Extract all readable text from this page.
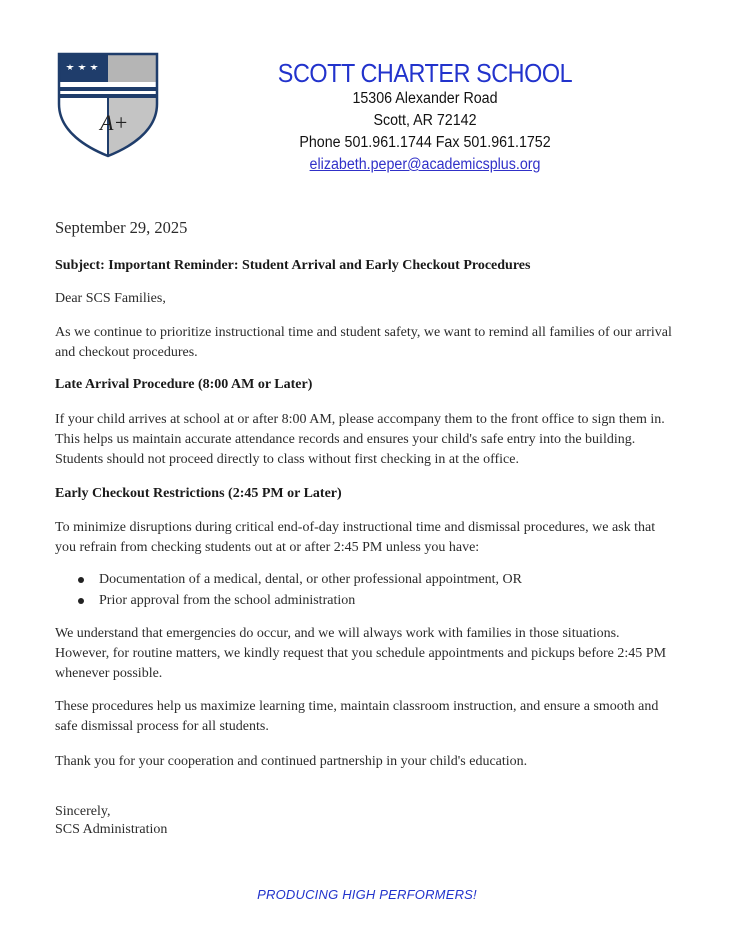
A+
SCOTT CHARTER SCHOOL
15306 Alexander Road
Scott, AR 72142
Phone 501.961.1744 Fax 501.961.1752
elizabeth.peper@academicsplus.org
September 29, 2025
Subject: Important Reminder: Student Arrival and Early Checkout Procedures
Dear SCS Families,
As we continue to prioritize instructional time and student safety, we want to remind all families of our arrival and checkout procedures.
Late Arrival Procedure (8:00 AM or Later)
If your child arrives at school at or after 8:00 AM, please accompany them to the front office to sign them in. This helps us maintain accurate attendance records and ensures your child's safe entry into the building. Students should not proceed directly to class without first checking in at the office.
Early Checkout Restrictions (2:45 PM or Later)
To minimize disruptions during critical end-of-day instructional time and dismissal procedures, we ask that you refrain from checking students out at or after 2:45 PM unless you have:
Documentation of a medical, dental, or other professional appointment, OR
Prior approval from the school administration
We understand that emergencies do occur, and we will always work with families in those situations. However, for routine matters, we kindly request that you schedule appointments and pickups before 2:45 PM whenever possible.
These procedures help us maximize learning time, maintain classroom instruction, and ensure a smooth and safe dismissal process for all students.
Thank you for your cooperation and continued partnership in your child's education.
Sincerely,
SCS Administration
PRODUCING HIGH PERFORMERS!
